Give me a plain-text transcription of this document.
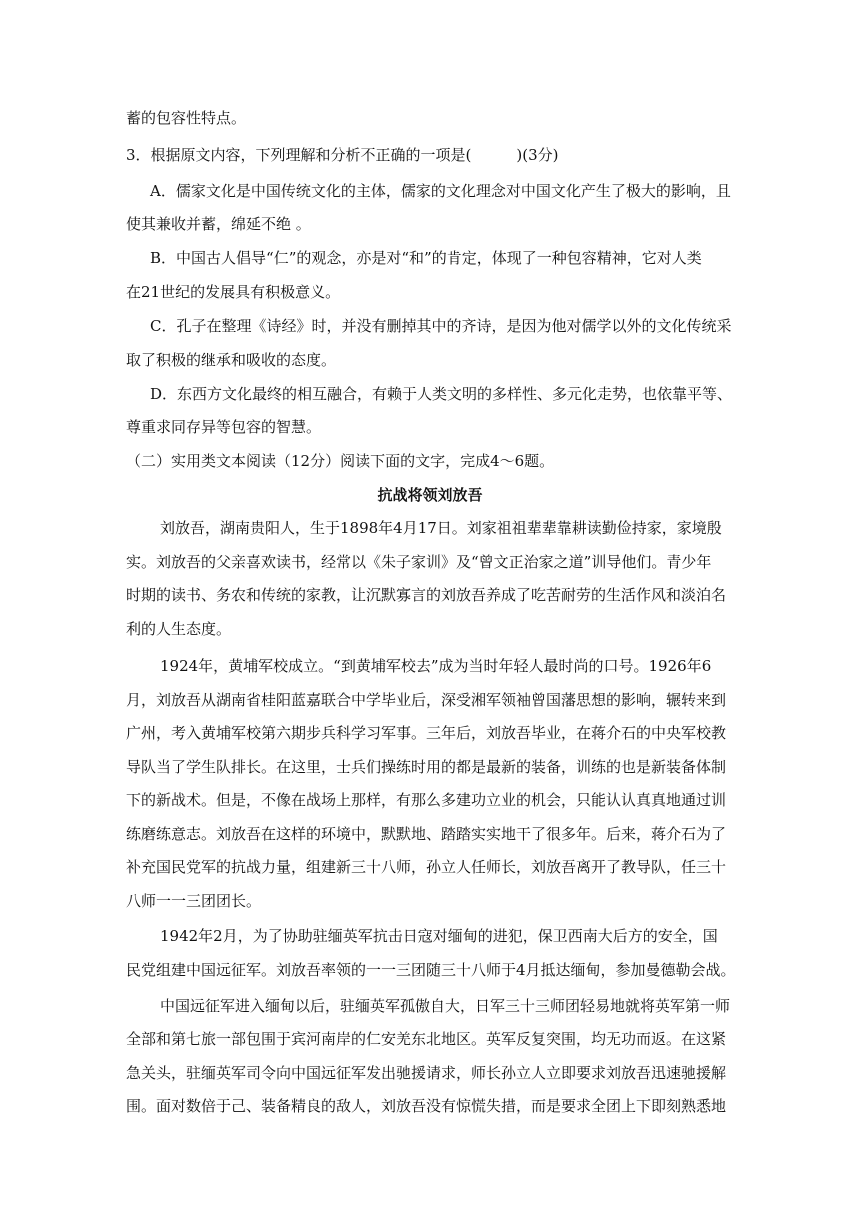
蓄的包容性特点。
3．根据原文内容，下列理解和分析不正确的一项是(　　　)(3分)
A．儒家文化是中国传统文化的主体，儒家的文化理念对中国文化产生了极大的影响，且
使其兼收并蓄，绵延不绝 。
B．中国古人倡导“仁”的观念，亦是对“和”的肯定，体现了一种包容精神，它对人类
在21世纪的发展具有积极意义。
C．孔子在整理《诗经》时，并没有删掉其中的齐诗，是因为他对儒学以外的文化传统采
取了积极的继承和吸收的态度。
D．东西方文化最终的相互融合，有赖于人类文明的多样性、多元化走势，也依靠平等、
尊重求同存异等包容的智慧。
（二）实用类文本阅读（12分）阅读下面的文字，完成4～6题。
抗战将领刘放吾
刘放吾，湖南贵阳人，生于1898年4月17日。刘家祖祖辈辈靠耕读勤俭持家，家境殷
实。刘放吾的父亲喜欢读书，经常以《朱子家训》及“曾文正治家之道”训导他们。青少年
时期的读书、务农和传统的家教，让沉默寡言的刘放吾养成了吃苦耐劳的生活作风和淡泊名
利的人生态度。
1924年，黄埔军校成立。“到黄埔军校去”成为当时年轻人最时尚的口号。1926年6
月，刘放吾从湖南省桂阳蓝嘉联合中学毕业后，深受湘军领袖曾国藩思想的影响，辗转来到
广州，考入黄埔军校第六期步兵科学习军事。三年后，刘放吾毕业，在蒋介石的中央军校教
导队当了学生队排长。在这里，士兵们操练时用的都是最新的装备，训练的也是新装备体制
下的新战术。但是，不像在战场上那样，有那么多建功立业的机会，只能认认真真地通过训
练磨练意志。刘放吾在这样的环境中，默默地、踏踏实实地干了很多年。后来，蒋介石为了
补充国民党军的抗战力量，组建新三十八师，孙立人任师长，刘放吾离开了教导队，任三十
八师一一三团团长。
1942年2月，为了协助驻缅英军抗击日寇对缅甸的进犯，保卫西南大后方的安全，国
民党组建中国远征军。刘放吾率领的一一三团随三十八师于4月抵达缅甸，参加曼德勒会战。
中国远征军进入缅甸以后，驻缅英军孤傲自大，日军三十三师团轻易地就将英军第一师
全部和第七旅一部包围于宾河南岸的仁安羌东北地区。英军反复突围，均无功而返。在这紧
急关头，驻缅英军司令向中国远征军发出驰援请求，师长孙立人立即要求刘放吾迅速驰援解
围。面对数倍于己、装备精良的敌人，刘放吾没有惊慌失措，而是要求全团上下即刻熟悉地
